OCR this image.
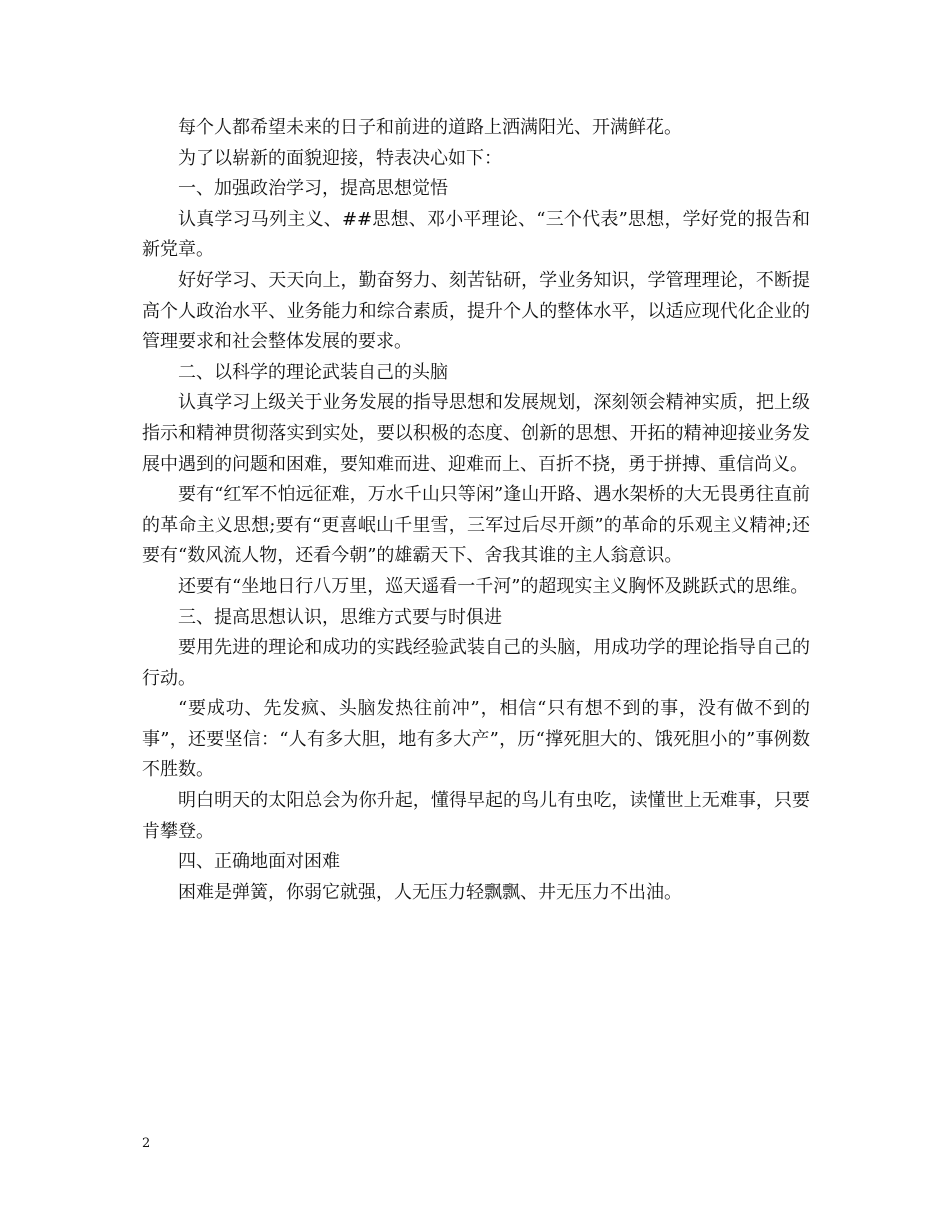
每个人都希望未来的日子和前进的道路上洒满阳光、开满鲜花。

为了以崭新的面貌迎接，特表决心如下：

一、加强政治学习，提高思想觉悟

认真学习马列主义、##思想、邓小平理论、“三个代表”思想，学好党的报告和新党章。

好好学习、天天向上，勤奋努力、刻苦钻研，学业务知识，学管理理论，不断提高个人政治水平、业务能力和综合素质，提升个人的整体水平，以适应现代化企业的管理要求和社会整体发展的要求。

二、以科学的理论武装自己的头脑

认真学习上级关于业务发展的指导思想和发展规划，深刻领会精神实质，把上级指示和精神贯彻落实到实处，要以积极的态度、创新的思想、开拓的精神迎接业务发展中遇到的问题和困难，要知难而进、迎难而上、百折不挠，勇于拼搏、重信尚义。

要有“红军不怕远征难，万水千山只等闲”逢山开路、遇水架桥的大无畏勇往直前的革命主义思想;要有“更喜岷山千里雪，三军过后尽开颜”的革命的乐观主义精神;还要有“数风流人物，还看今朝”的雄霸天下、舍我其谁的主人翁意识。

还要有“坐地日行八万里，巡天遥看一千河”的超现实主义胸怀及跳跃式的思维。

三、提高思想认识，思维方式要与时俱进

要用先进的理论和成功的实践经验武装自己的头脑，用成功学的理论指导自己的行动。

“要成功、先发疯、头脑发热往前冲”，相信“只有想不到的事，没有做不到的事”，还要坚信：“人有多大胆，地有多大产”，历“撑死胆大的、饿死胆小的”事例数不胜数。

明白明天的太阳总会为你升起，懂得早起的鸟儿有虫吃，读懂世上无难事，只要肯攀登。

四、正确地面对困难

困难是弹簧，你弱它就强，人无压力轻飘飘、井无压力不出油。

2
